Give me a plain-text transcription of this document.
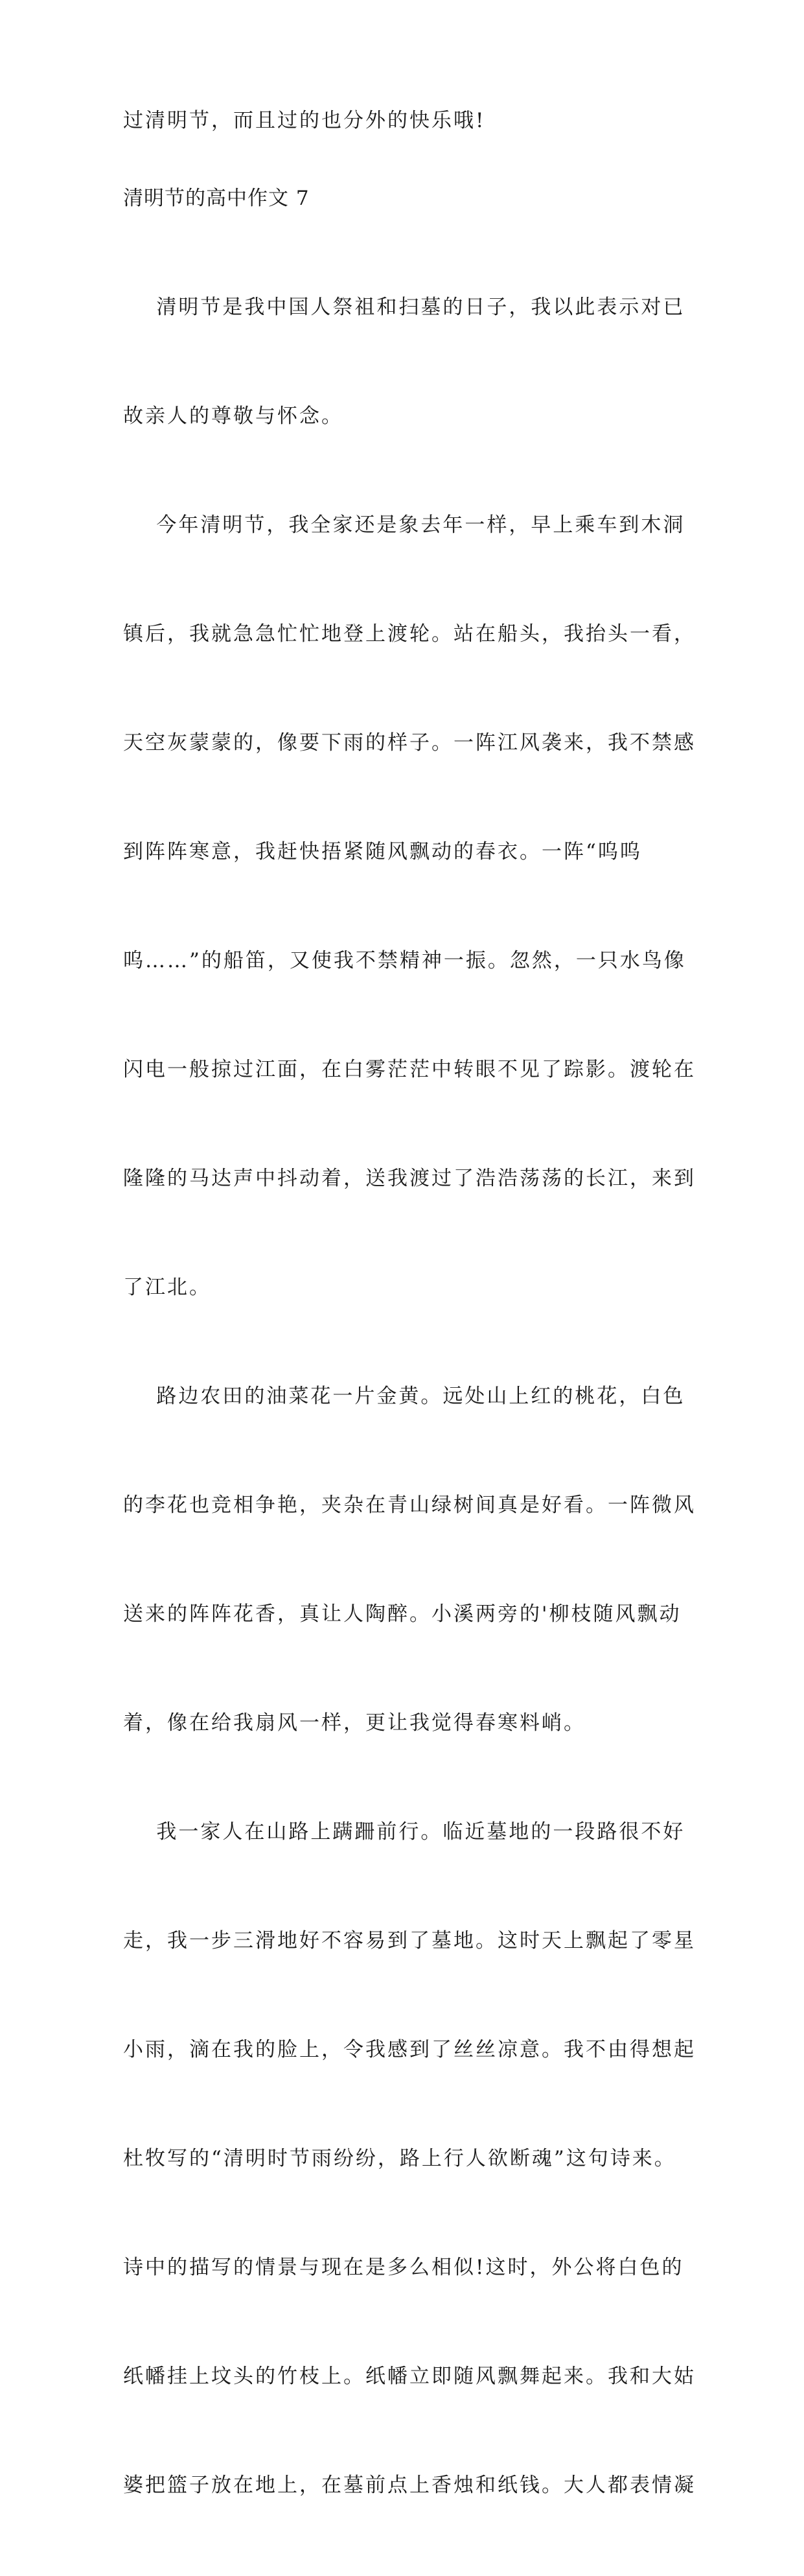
过清明节，而且过的也分外的快乐哦!
清明节的高中作文 7

清明节是我中国人祭祖和扫墓的日子，我以此表示对已

故亲人的尊敬与怀念。

今年清明节，我全家还是象去年一样，早上乘车到木洞

镇后，我就急急忙忙地登上渡轮。站在船头，我抬头一看，

天空灰蒙蒙的，像要下雨的样子。一阵江风袭来，我不禁感

到阵阵寒意，我赶快捂紧随风飘动的春衣。一阵“呜呜

呜……”的船笛，又使我不禁精神一振。忽然，一只水鸟像

闪电一般掠过江面，在白雾茫茫中转眼不见了踪影。渡轮在

隆隆的马达声中抖动着，送我渡过了浩浩荡荡的长江，来到

了江北。

路边农田的油菜花一片金黄。远处山上红的桃花，白色

的李花也竞相争艳，夹杂在青山绿树间真是好看。一阵微风

送来的阵阵花香，真让人陶醉。小溪两旁的'柳枝随风飘动

着，像在给我扇风一样，更让我觉得春寒料峭。

我一家人在山路上蹒跚前行。临近墓地的一段路很不好

走，我一步三滑地好不容易到了墓地。这时天上飘起了零星

小雨，滴在我的脸上，令我感到了丝丝凉意。我不由得想起

杜牧写的“清明时节雨纷纷，路上行人欲断魂”这句诗来。

诗中的描写的情景与现在是多么相似!这时，外公将白色的

纸幡挂上坟头的竹枝上。纸幡立即随风飘舞起来。我和大姑

婆把篮子放在地上，在墓前点上香烛和纸钱。大人都表情凝
